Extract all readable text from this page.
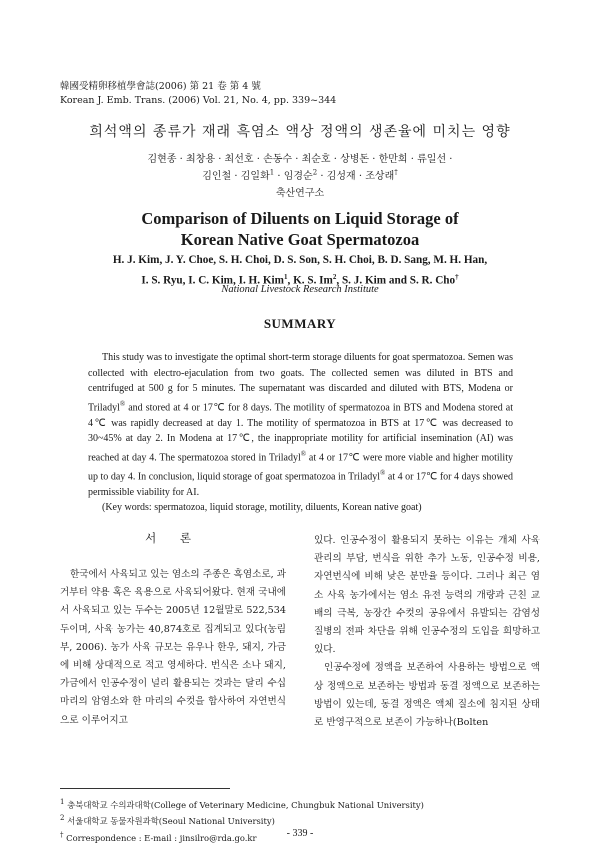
韓國受精卵移植學會誌(2006) 第 21 卷 第 4 號
Korean J. Emb. Trans. (2006) Vol. 21, No. 4, pp. 339~344
희석액의 종류가 재래 흑염소 액상 정액의 생존율에 미치는 영향
김현종 · 최창용 · 최선호 · 손동수 · 최순호 · 상병돈 · 한만희 · 류일선 ·
김인철 · 김일화$^1$ · 임경순$^2$ · 김성재 · 조상래†
축산연구소
Comparison of Diluents on Liquid Storage of
Korean Native Goat Spermatozoa
H. J. Kim, J. Y. Choe, S. H. Choi, D. S. Son, S. H. Choi, B. D. Sang, M. H. Han,
I. S. Ryu, I. C. Kim, I. H. Kim$^1$, K. S. Im$^2$, S. J. Kim and S. R. Cho†
National Livestock Research Institute
SUMMARY

This study was to investigate the optimal short-term storage diluents for goat spermatozoa. Semen was collected with electro-ejaculation from two goats. The collected semen was diluted in BTS and centrifuged at 500 g for 5 minutes. The supernatant was discarded and diluted with BTS, Modena or Triladyl® and stored at 4 or 17℃ for 8 days. The motility of spermatozoa in BTS and Modena stored at 4℃ was rapidly decreased at day 1. The motility of spermatozoa in BTS at 17℃ was decreased to 30~45% at day 2. In Modena at 17℃, the inappropriate motility for artificial insemination (AI) was reached at day 4. The spermatozoa stored in Triladyl® at 4 or 17℃ were more viable and higher motility up to day 4. In conclusion, liquid storage of goat spermatozoa in Triladyl® at 4 or 17℃ for 4 days showed permissible viability for AI.

(Key words: spermatozoa, liquid storage, motility, diluents, Korean native goat)

서 론

한국에서 사육되고 있는 염소의 주종은 흑염소로, 과거부터 약용 혹은 육용으로 사육되어왔다. 현재 국내에서 사육되고 있는 두수는 2005년 12월말로 522,534두이며, 사육 농가는 40,874호로 집계되고 있다(농림부, 2006). 농가 사육 규모는 유우나 한우, 돼지, 가금에 비해 상대적으로 적고 영세하다. 번식은 소나 돼지, 가금에서 인공수정이 널리 활용되는 것과는 달리 수십 마리의 암염소와 한 마리의 수컷을 합사하여 자연번식으로 이루어지고

있다. 인공수정이 활용되지 못하는 이유는 개체 사육 관리의 부담, 번식을 위한 추가 노동, 인공수정 비용, 자연번식에 비해 낮은 분만율 등이다. 그러나 최근 염소 사육 농가에서는 염소 유전 능력의 개량과 근친 교배의 극복, 농장간 수컷의 공유에서 유발되는 감염성 질병의 전파 차단을 위해 인공수정의 도입을 희망하고 있다.

인공수정에 정액을 보존하여 사용하는 방법으로 액상 정액으로 보존하는 방법과 동결 정액으로 보존하는 방법이 있는데, 동결 정액은 액체 질소에 침지된 상태로 반영구적으로 보존이 가능하나(Bolten

$^1$ 충북대학교 수의과대학(College of Veterinary Medicine, Chungbuk National University)
$^2$ 서울대학교 동물자원과학(Seoul National University)
† Correspondence : E-mail : jinsilro@rda.go.kr	- 339 -
